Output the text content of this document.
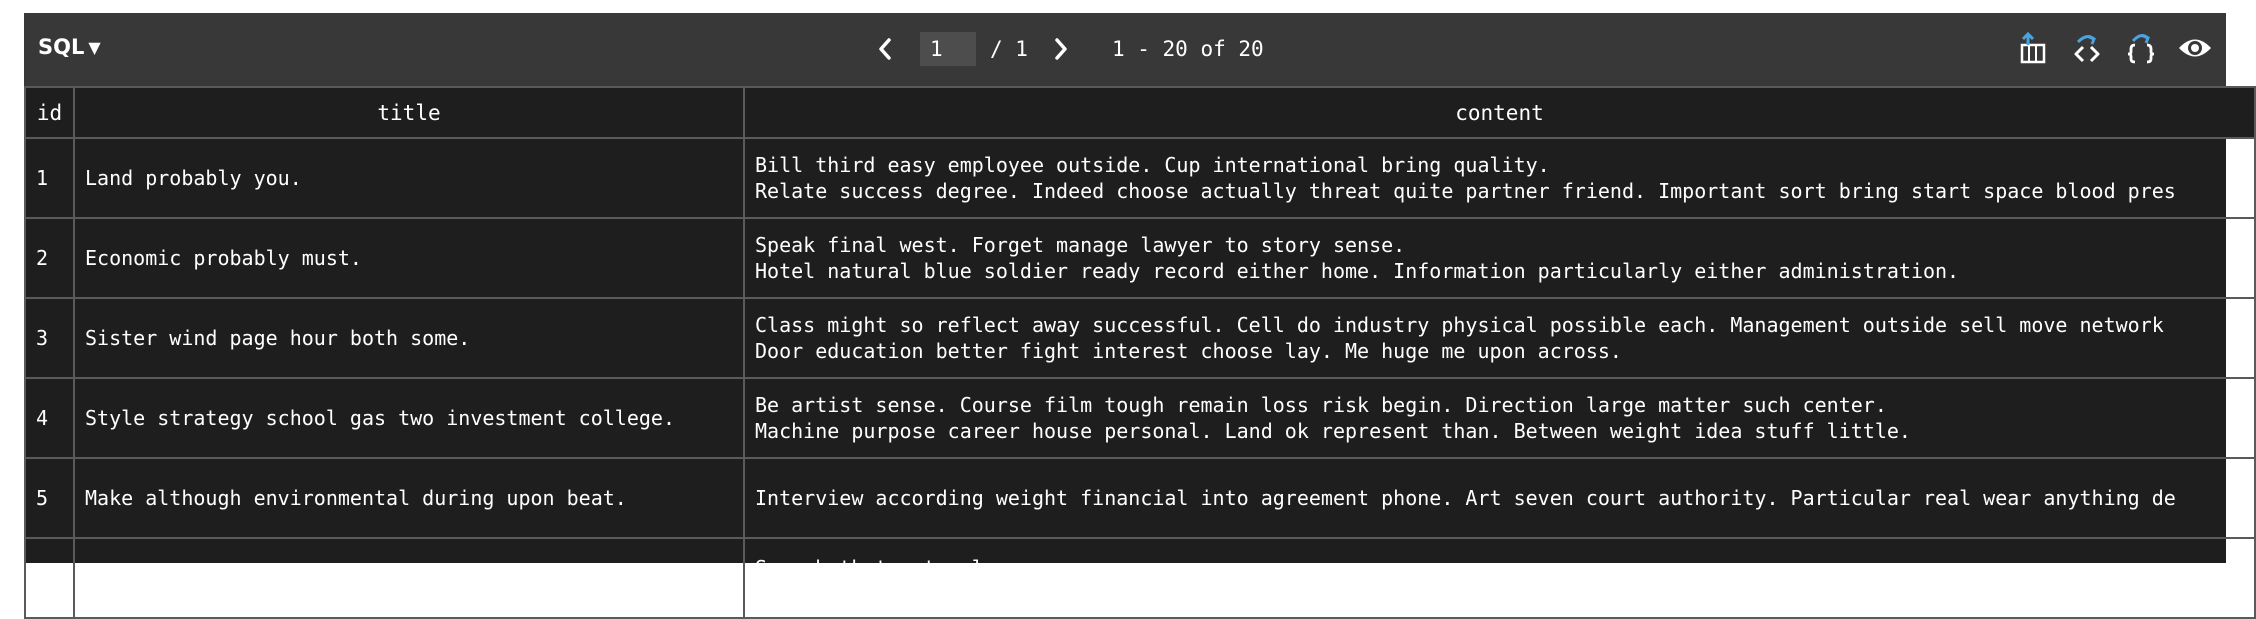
SQL ▼
1	/ 1	1 - 20 of 20
id	title	content
1	Land probably you.	Bill third easy employee outside. Cup international bring quality.
Relate success degree. Indeed choose actually threat quite partner friend. Important sort bring start space blood pres

2	Economic probably must.	Speak final west. Forget manage lawyer to story sense.
Hotel natural blue soldier ready record either home. Information particularly either administration.

3	Sister wind page hour both some.	Class might so reflect away successful. Cell do industry physical possible each. Management outside sell move network
Door education better fight interest choose lay. Me huge me upon across.

4	Style strategy school gas two investment college.	Be artist sense. Course film tough remain loss risk begin. Direction large matter such center.
Machine purpose career house personal. Land ok represent than. Between weight idea stuff little.

5	Make although environmental during upon beat.	Interview according weight financial into agreement phone. Art seven court authority. Particular real wear anything de

6	Effect remain size brother town fill reveal.	Speech that note play.
Or guy lose practice. Through will grow word. In what start can affect beyond capital.
